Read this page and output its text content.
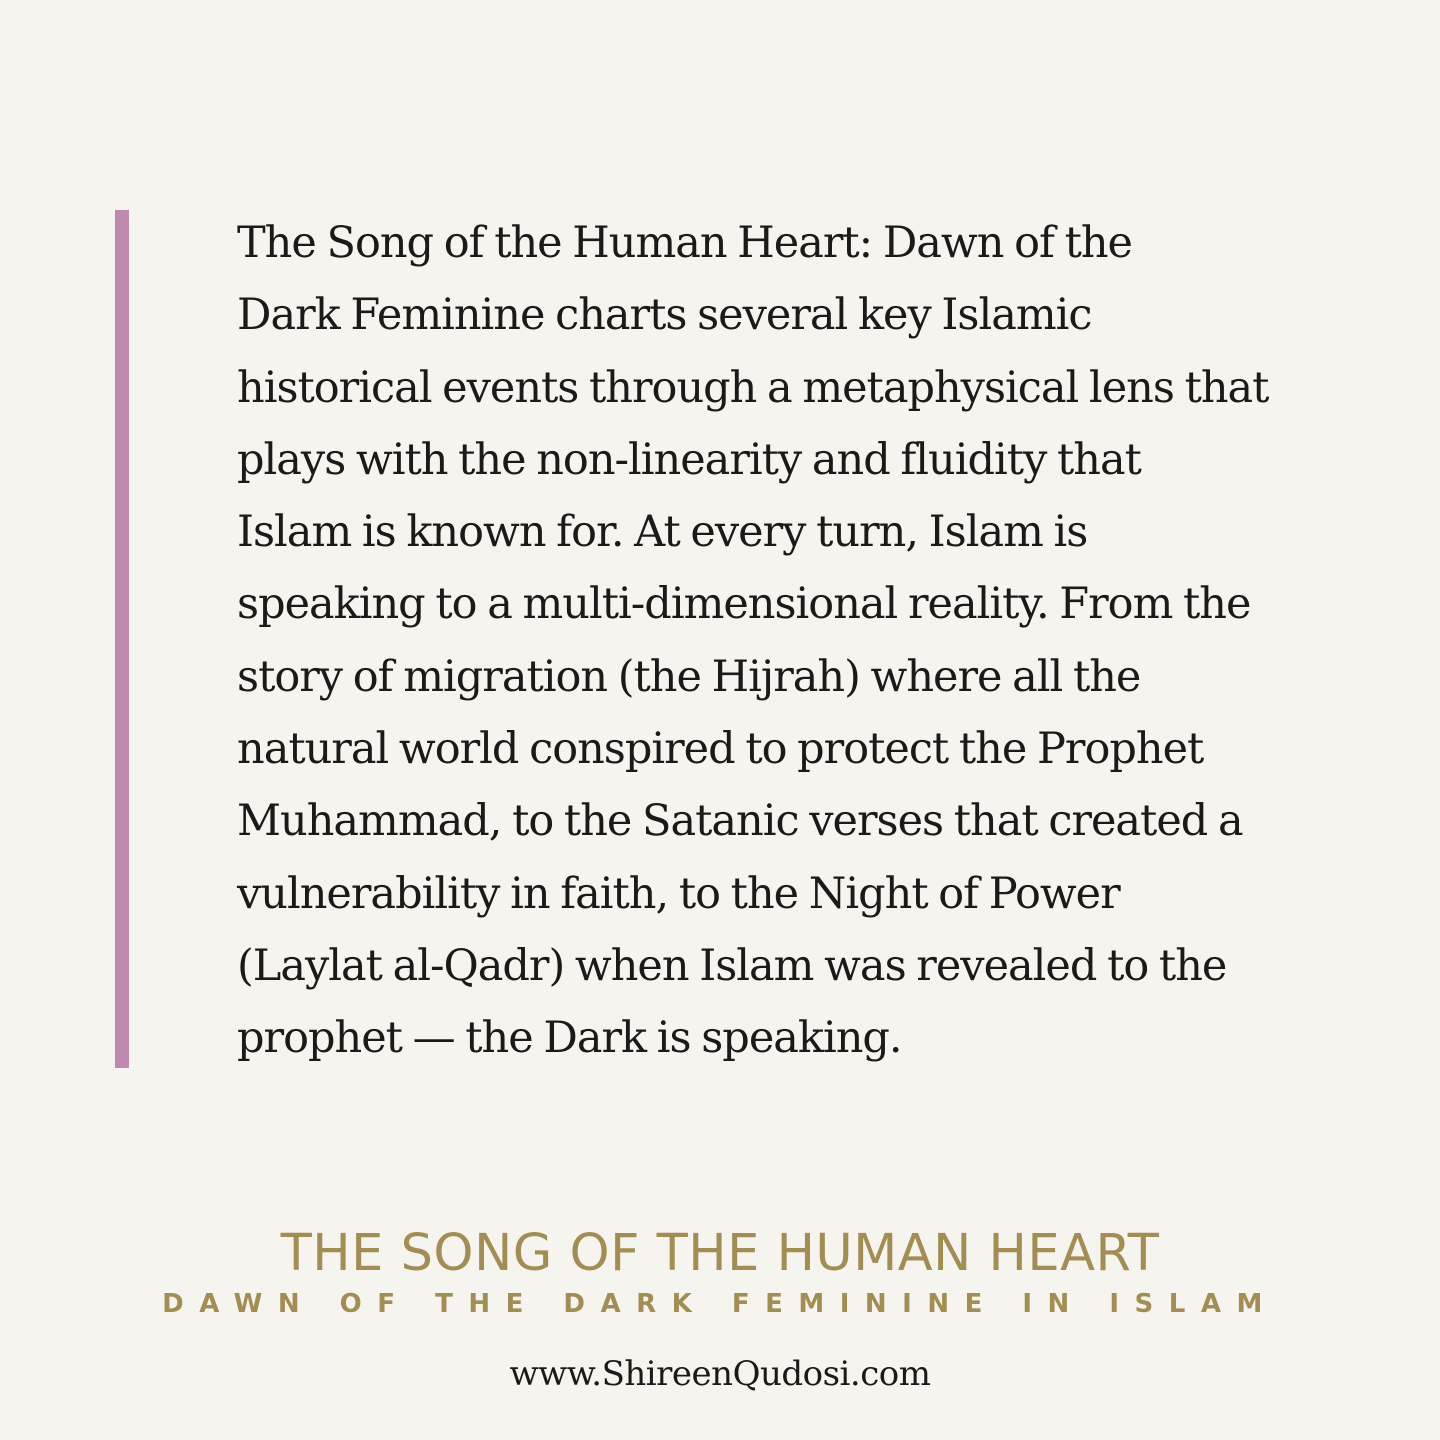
The Song of the Human Heart: Dawn of the
Dark Feminine charts several key Islamic
historical events through a metaphysical lens that
plays with the non-linearity and fluidity that
Islam is known for. At every turn, Islam is
speaking to a multi-dimensional reality. From the
story of migration (the Hijrah) where all the
natural world conspired to protect the Prophet
Muhammad, to the Satanic verses that created a
vulnerability in faith, to the Night of Power
(Laylat al-Qadr) when Islam was revealed to the
prophet — the Dark is speaking.

THE SONG OF THE HUMAN HEART
DAWN OF THE DARK FEMININE IN ISLAM

www.ShireenQudosi.com
